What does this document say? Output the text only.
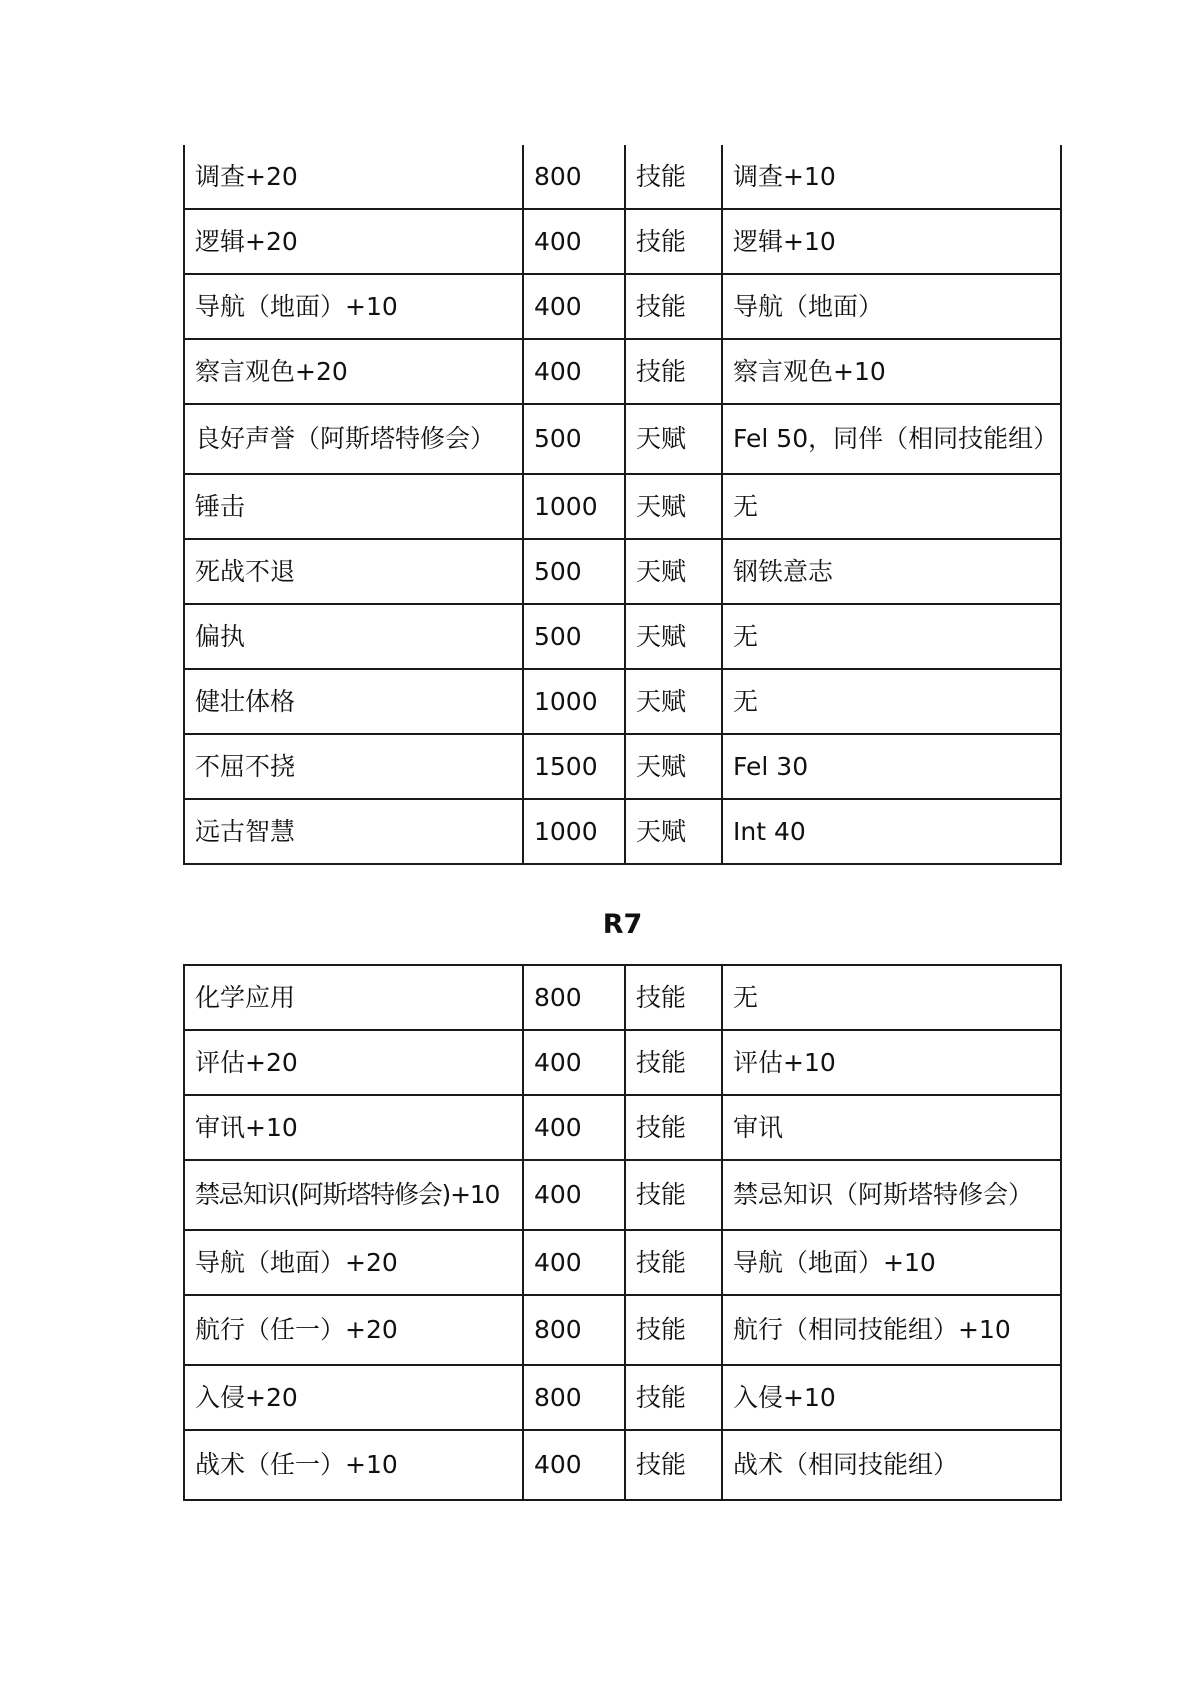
调查+20	800	技能	调查+10
逻辑+20	400	技能	逻辑+10
导航（地面）+10	400	技能	导航（地面）
察言观色+20	400	技能	察言观色+10
良好声誉（阿斯塔特修会）	500	天赋	Fel 50，同伴（相同技能组）
锤击	1000	天赋	无
死战不退	500	天赋	钢铁意志
偏执	500	天赋	无
健壮体格	1000	天赋	无
不屈不挠	1500	天赋	Fel 30
远古智慧	1000	天赋	Int 40
R7
化学应用	800	技能	无
评估+20	400	技能	评估+10
审讯+10	400	技能	审讯
禁忌知识(阿斯塔特修会)+10	400	技能	禁忌知识（阿斯塔特修会）
导航（地面）+20	400	技能	导航（地面）+10
航行（任一）+20	800	技能	航行（相同技能组）+10
入侵+20	800	技能	入侵+10
战术（任一）+10	400	技能	战术（相同技能组）
